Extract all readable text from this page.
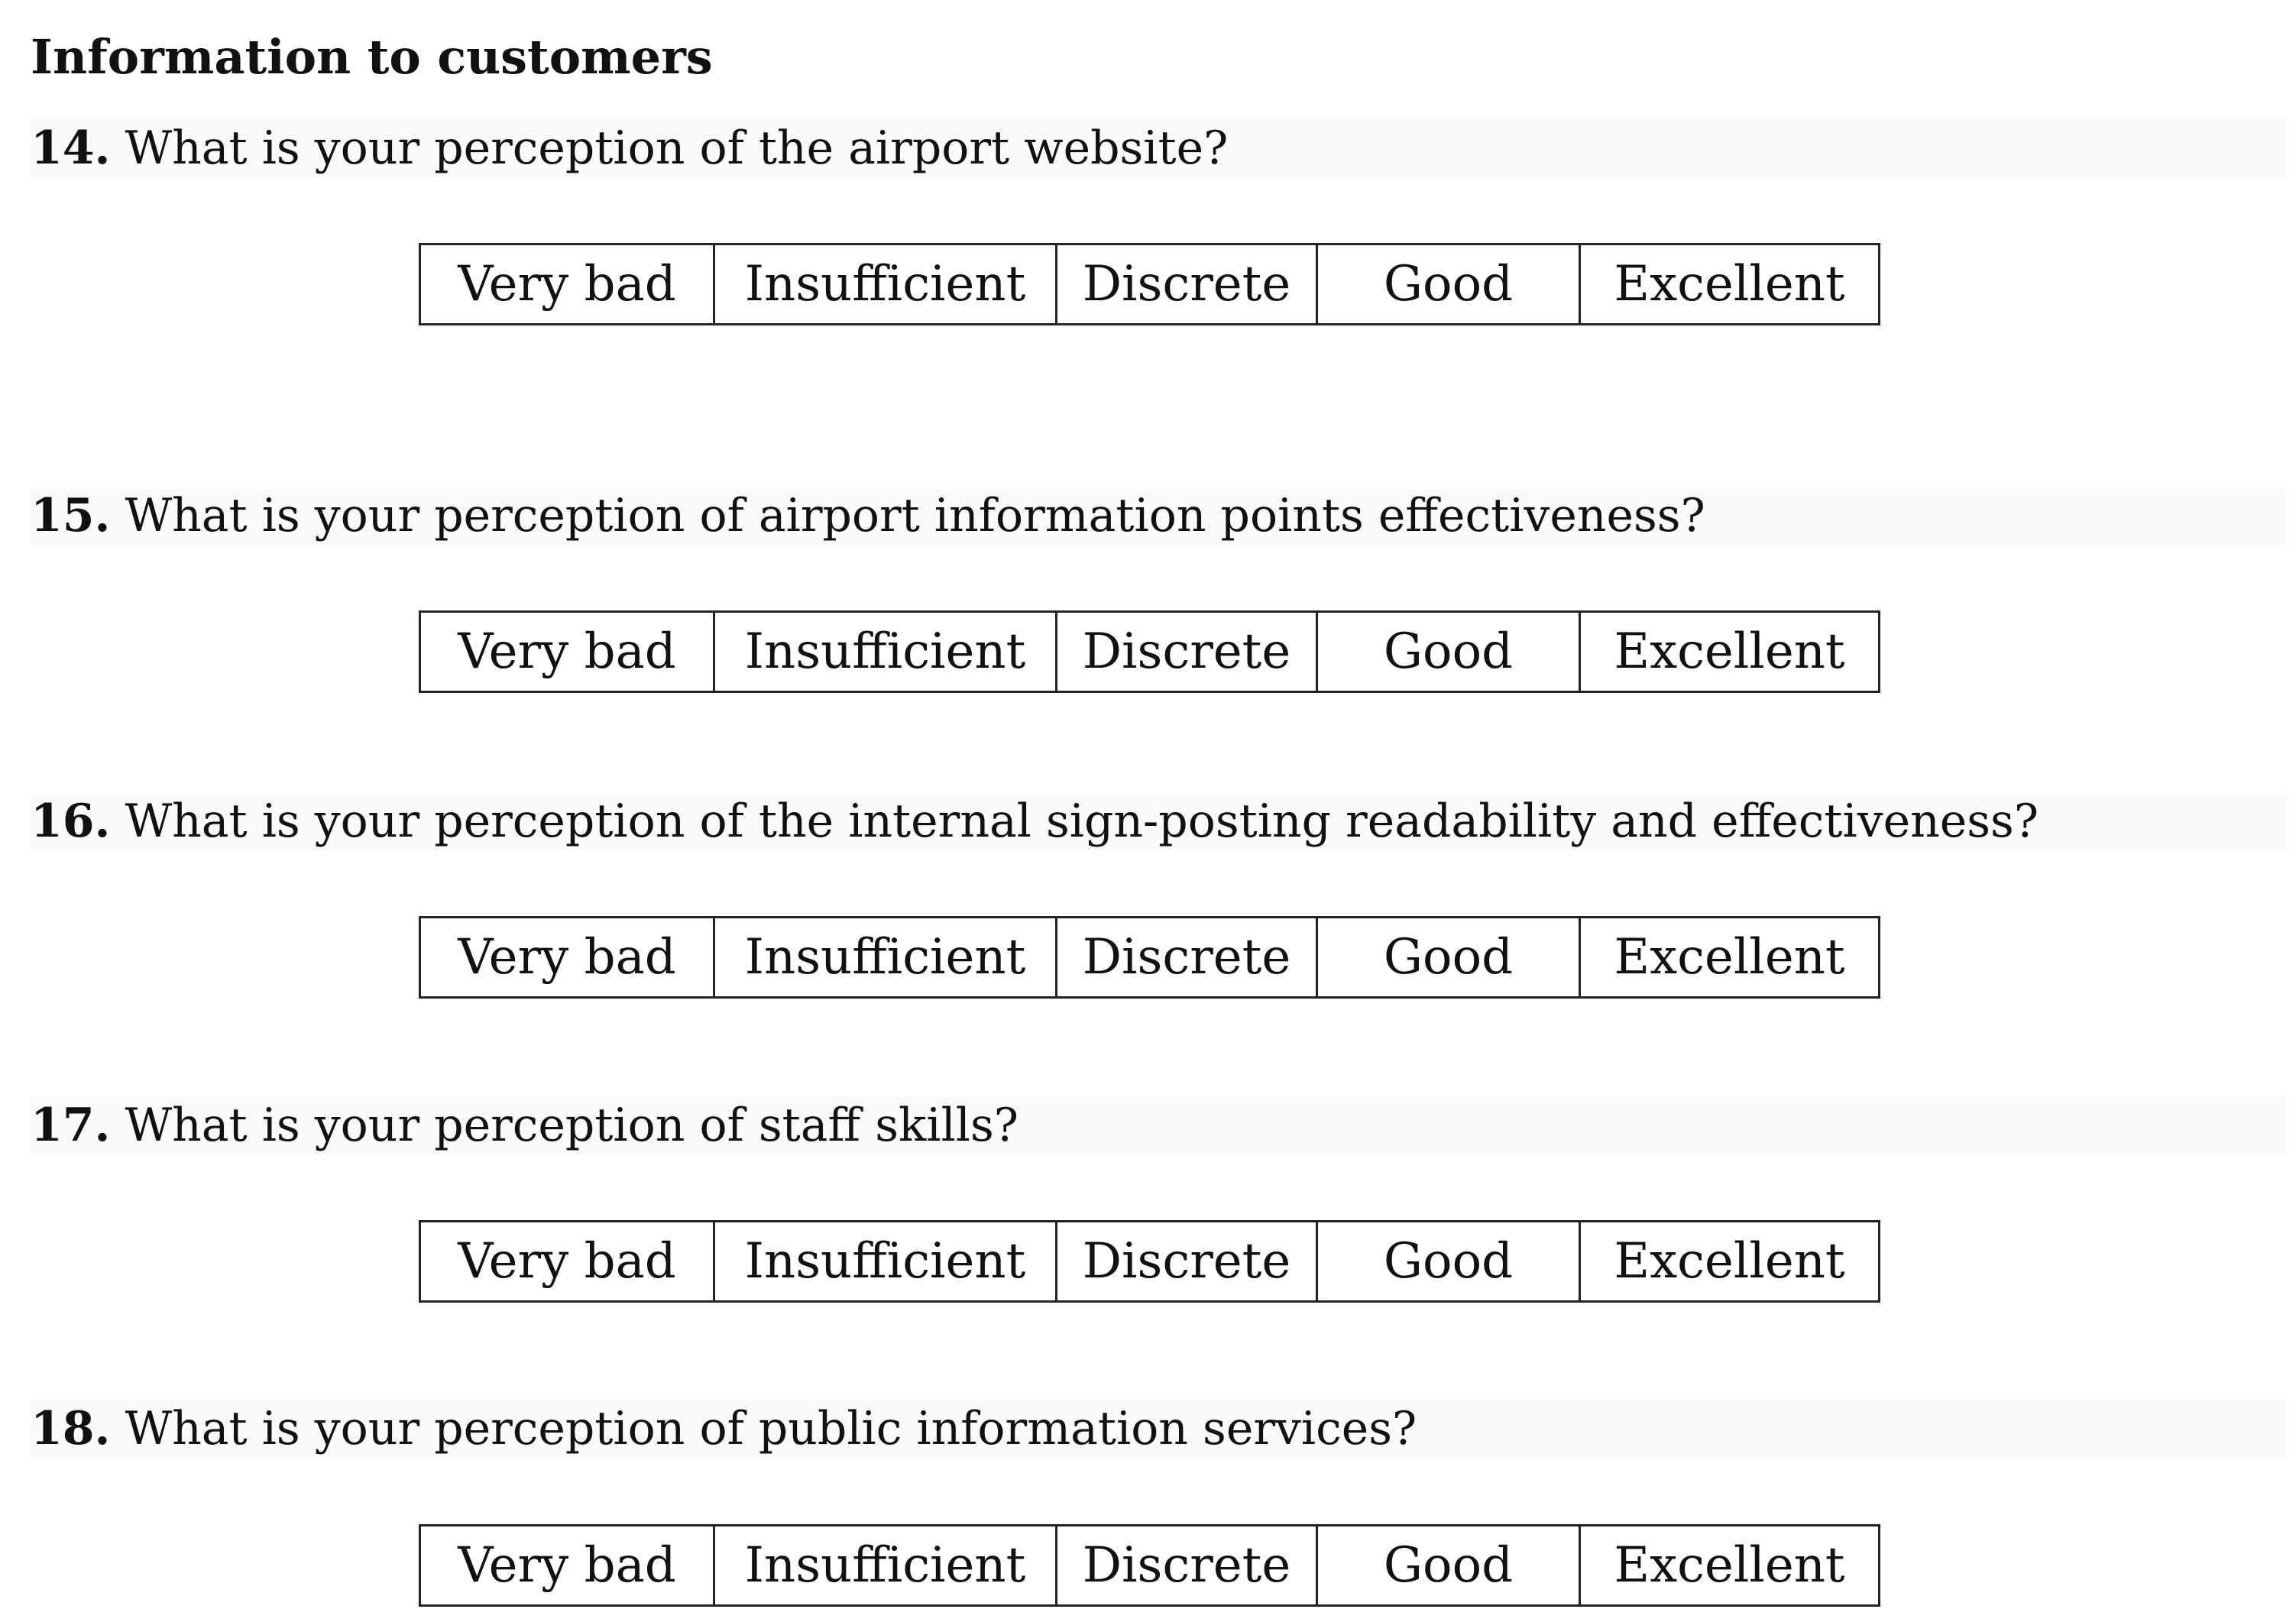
Information to customers
14. What is your perception of the airport website?
Very bad	Insufficient	Discrete	Good	Excellent
15. What is your perception of airport information points effectiveness?
Very bad	Insufficient	Discrete	Good	Excellent
16. What is your perception of the internal sign-posting readability and effectiveness?
Very bad	Insufficient	Discrete	Good	Excellent
17. What is your perception of staff skills?
Very bad	Insufficient	Discrete	Good	Excellent
18. What is your perception of public information services?
Very bad	Insufficient	Discrete	Good	Excellent
